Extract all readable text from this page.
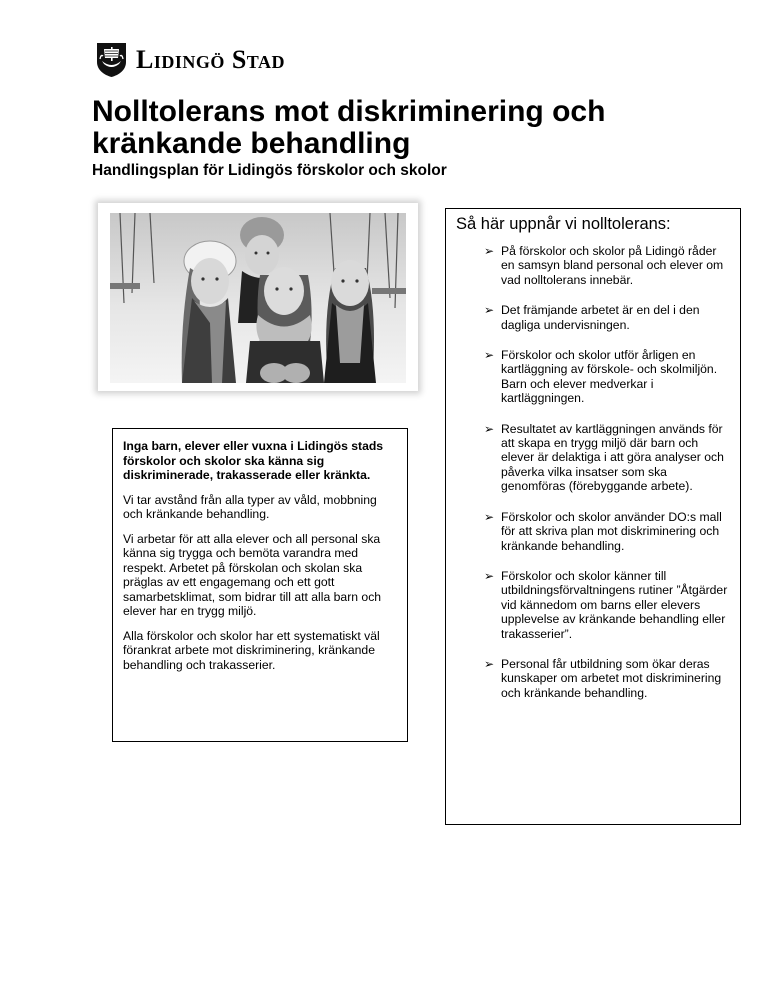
Lidingö Stad
Nolltolerans mot diskriminering och kränkande behandling
Handlingsplan för Lidingös förskolor och skolor

Inga barn, elever eller vuxna i Lidingös stads förskolor och skolor ska känna sig diskriminerade, trakasserade eller kränkta.

Vi tar avstånd från alla typer av våld, mobbning och kränkande behandling.

Vi arbetar för att alla elever och all personal ska känna sig trygga och bemöta varandra med respekt. Arbetet på förskolan och skolan ska präglas av ett engagemang och ett gott samarbetsklimat, som bidrar till att alla barn och elever har en trygg miljö.

Alla förskolor och skolor har ett systematiskt väl förankrat arbete mot diskriminering, kränkande behandling och trakasserier.

Så här uppnår vi nolltolerans:

➢ På förskolor och skolor på Lidingö råder en samsyn bland personal och elever om vad nolltolerans innebär.
➢ Det främjande arbetet är en del i den dagliga undervisningen.
➢ Förskolor och skolor utför årligen en kartläggning av förskole- och skolmiljön. Barn och elever medverkar i kartläggningen.
➢ Resultatet av kartläggningen används för att skapa en trygg miljö där barn och elever är delaktiga i att göra analyser och påverka vilka insatser som ska genomföras (förebyggande arbete).
➢ Förskolor och skolor använder DO:s mall för att skriva plan mot diskriminering och kränkande behandling.
➢ Förskolor och skolor känner till utbildningsförvaltningens rutiner ”Åtgärder vid kännedom om barns eller elevers upplevelse av kränkande behandling eller trakasserier”.
➢ Personal får utbildning som ökar deras kunskaper om arbetet mot diskriminering och kränkande behandling.
